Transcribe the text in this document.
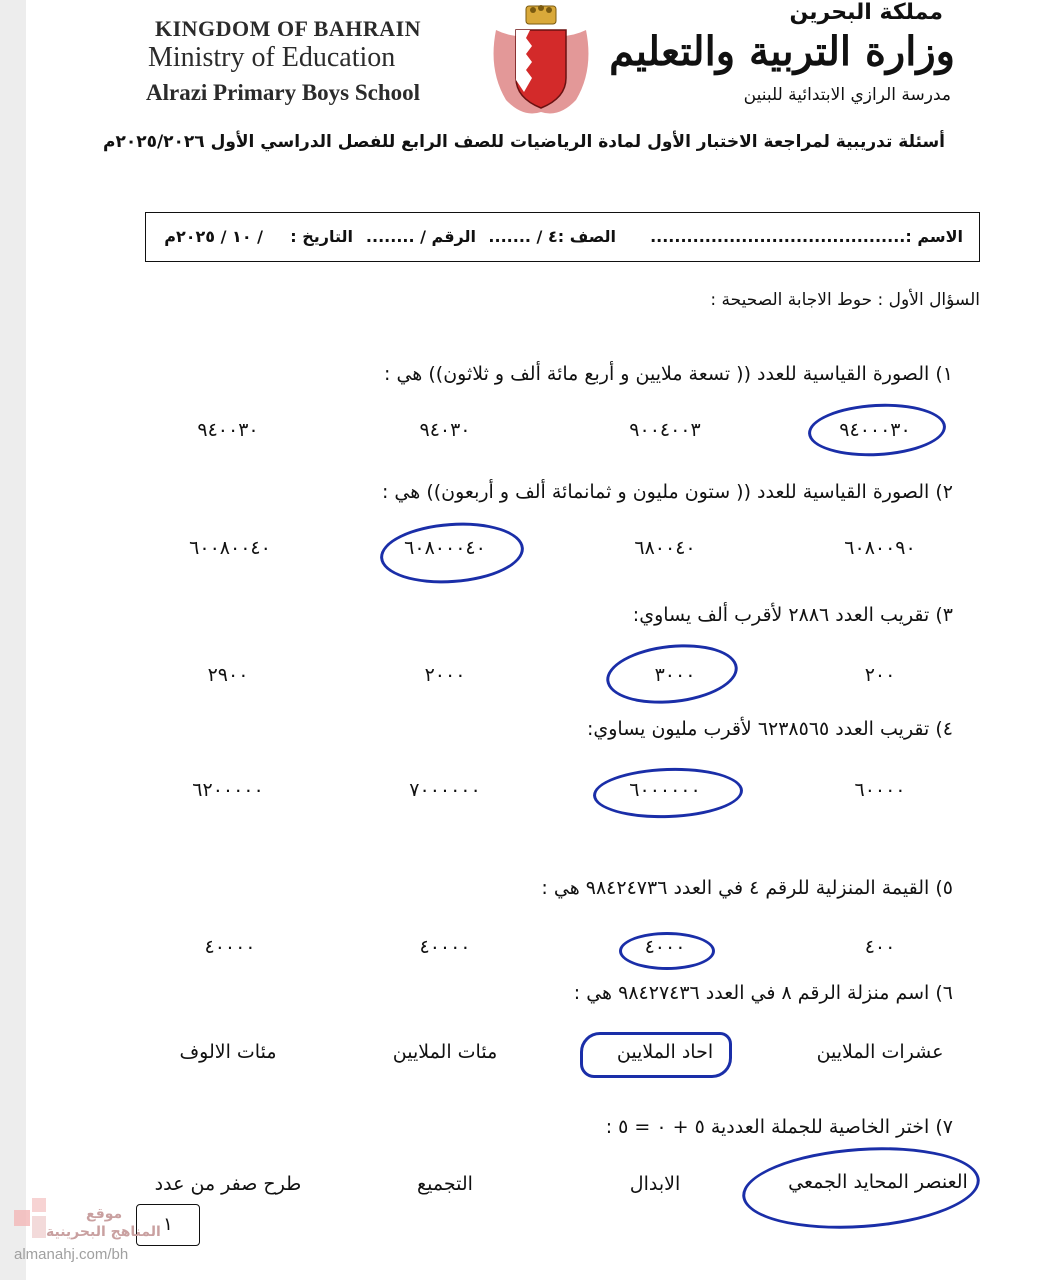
KINGDOM OF BAHRAIN
Ministry of Education
Alrazi Primary Boys School
مملكة البحرين
وزارة التربية والتعليم
مدرسة الرازي الابتدائية للبنين
أسئلة تدريبية لمراجعة الاختبار الأول لمادة الرياضيات للصف الرابع للفصل الدراسي الأول ٢٠٢٥/٢٠٢٦م
الاسم :..........................................
الصف :٤ / .......
الرقم / ........
التاريخ :
/ ١٠ / ٢٠٢٥م
السؤال الأول : حوط الاجابة الصحيحة :
١) الصورة القياسية للعدد (( تسعة ملايين و أربع مائة ألف و ثلاثون)) هي :
٩٤٠٠٠٣٠
٩٠٠٤٠٠٣
٩٤٠٣٠
٩٤٠٠٣٠
٢) الصورة القياسية للعدد (( ستون مليون و ثمانمائة ألف و أربعون)) هي :
٦٠٨٠٠٩٠
٦٨٠٠٤٠
٦٠٨٠٠٠٤٠
٦٠٠٨٠٠٤٠
٣) تقريب العدد ٢٨٨٦ لأقرب ألف يساوي:
٢٠٠
٣٠٠٠
٢٠٠٠
٢٩٠٠
٤) تقريب العدد ٦٢٣٨٥٦٥ لأقرب مليون يساوي:
٦٠٠٠٠
٦٠٠٠٠٠٠
٧٠٠٠٠٠٠
٦٢٠٠٠٠٠
٥) القيمة المنزلية للرقم ٤ في العدد ٩٨٤٢٤٧٣٦ هي :
٤٠٠
٤٠٠٠
٤٠٠٠٠
٤٠٠٠٠
٦) اسم منزلة الرقم ٨ في العدد ٩٨٤٢٧٤٣٦ هي :
عشرات الملايين
احاد الملايين
مئات الملايين
مئات الالوف
٧) اختر الخاصية للجملة العددية ٥ + ٠ = ٥ :
العنصر المحايد الجمعي
الابدال
التجميع
طرح صفر من عدد
١
موقع
المناهج البحرينية
almanahj.com/bh
